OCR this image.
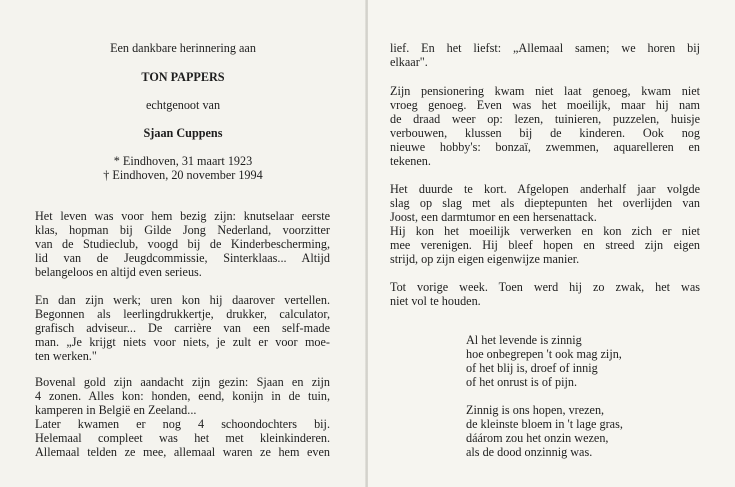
Een dankbare herinnering aan
TON PAPPERS
echtgenoot van
Sjaan Cuppens
* Eindhoven, 31 maart 1923
† Eindhoven, 20 november 1994
Het leven was voor hem bezig zijn: knutselaar eerste
klas, hopman bij Gilde Jong Nederland, voorzitter
van de Studieclub, voogd bij de Kinderbescherming,
lid van de Jeugdcommissie, Sinterklaas... Altijd
belangeloos en altijd even serieus.
En dan zijn werk; uren kon hij daarover vertellen.
Begonnen als leerlingdrukkertje, drukker, calculator,
grafisch adviseur... De carrière van een self-made
man. „Je krijgt niets voor niets, je zult er voor moe-
ten werken."
Bovenal gold zijn aandacht zijn gezin: Sjaan en zijn
4 zonen. Alles kon: honden, eend, konijn in de tuin,
kamperen in België en Zeeland...
Later kwamen er nog 4 schoondochters bij.
Helemaal compleet was het met kleinkinderen.
Allemaal telden ze mee, allemaal waren ze hem even
lief. En het liefst: „Allemaal samen; we horen bij
elkaar".
Zijn pensionering kwam niet laat genoeg, kwam niet
vroeg genoeg. Even was het moeilijk, maar hij nam
de draad weer op: lezen, tuinieren, puzzelen, huisje
verbouwen, klussen bij de kinderen. Ook nog
nieuwe hobby's: bonzaï, zwemmen, aquarelleren en
tekenen.
Het duurde te kort. Afgelopen anderhalf jaar volgde
slag op slag met als dieptepunten het overlijden van
Joost, een darmtumor en een hersenattack.
Hij kon het moeilijk verwerken en kon zich er niet
mee verenigen. Hij bleef hopen en streed zijn eigen
strijd, op zijn eigen eigenwijze manier.
Tot vorige week. Toen werd hij zo zwak, het was
niet vol te houden.
Al het levende is zinnig
hoe onbegrepen 't ook mag zijn,
of het blij is, droef of innig
of het onrust is of pijn.
Zinnig is ons hopen, vrezen,
de kleinste bloem in 't lage gras,
dáárom zou het onzin wezen,
als de dood onzinnig was.
